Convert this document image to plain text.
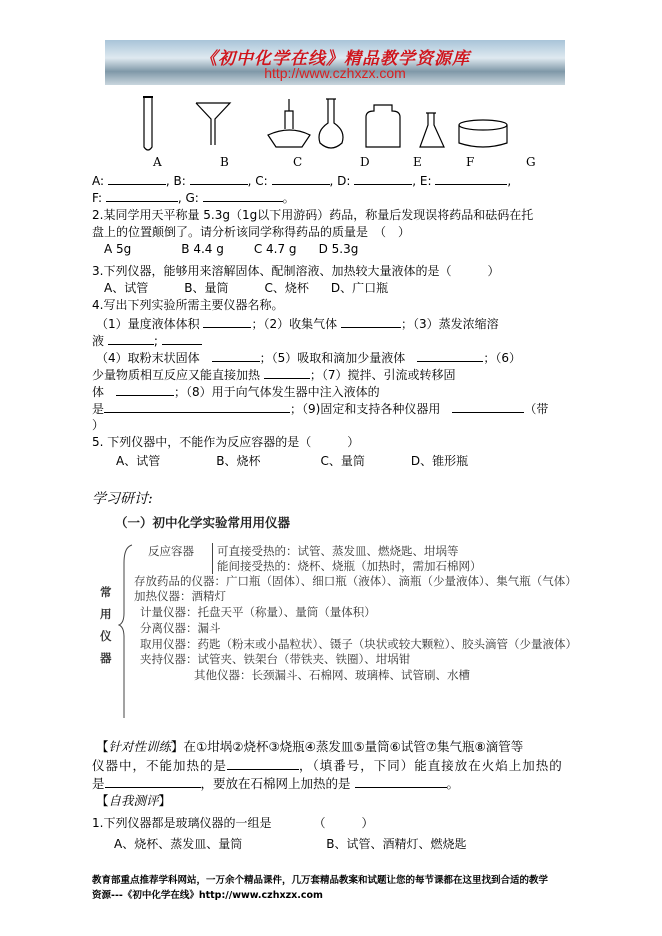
《初中化学在线》精品教学资源库
http://www.czhxzx.com
A	B	C	D	E	F	G
A:	, B:	, C:	, D:	, E:	,
F:	, G:	。
2.某同学用天平称量 5.3g（1g以下用游码）药品，称量后发现误将药品和砝码在托
盘上的位置颠倒了。请分析该同学称得药品的质量是　（　）
A 5g	B 4.4 g	C 4.7 g D 5.3g
3.下列仪器，能够用来溶解固体、配制溶液、加热较大量液体的是（　　　）
A、试管	B、量筒	C、烧杯 D、广口瓶
4.写出下列实验所需主要仪器名称。
（1）量度液体体积	；（2）收集气体	；（3）蒸发浓缩溶
液	;
（4）取粉末状固体　	；（5）吸取和滴加少量液体　	；（6）
少量物质相互反应又能直接加热	；（7）搅拌、引流或转移固
体　	；（8）用于向气体发生器中注入液体的
是	；（9)固定和支持各种仪器用　	（带
）
5. 下列仪器中，不能作为反应容器的是（　　　）
A、试管	B、烧杯	C、量筒	D、锥形瓶
学习研讨:
（一）初中化学实验常用用仪器
常用仪器
反应容器	可直接受热的：试管、蒸发皿、燃烧匙、坩埚等
能间接受热的：烧杯、烧瓶（加热时，需加石棉网）
存放药品的仪器：广口瓶（固体）、细口瓶（液体）、滴瓶（少量液体）、集气瓶（气体）
加热仪器：酒精灯
计量仪器：托盘天平（称量）、量筒（量体积）
分离仪器：漏斗
取用仪器：药匙（粉末或小晶粒状）、镊子（块状或较大颗粒）、胶头滴管（少量液体）
夹持仪器：试管夹、铁架台（带铁夹、铁圈）、坩埚钳
其他仪器：长颈漏斗、石棉网、玻璃棒、试管刷、水槽
【针对性训练】在①坩埚②烧杯③烧瓶④蒸发皿⑤量筒⑥试管⑦集气瓶⑧滴管等
仪器中，不能加热的是	，（填番号，下同）能直接放在火焰上加热的
是	，要放在石棉网上加热的是	。
【自我测评】
1.下列仪器都是玻璃仪器的一组是　　　　（　　　）
A、烧杯、蒸发皿、量筒	B、试管、酒精灯、燃烧匙
教育部重点推荐学科网站，一万余个精品课件，几万套精品教案和试题让您的每节课都在这里找到合适的教学
资源---《初中化学在线》http://www.czhxzx.com
